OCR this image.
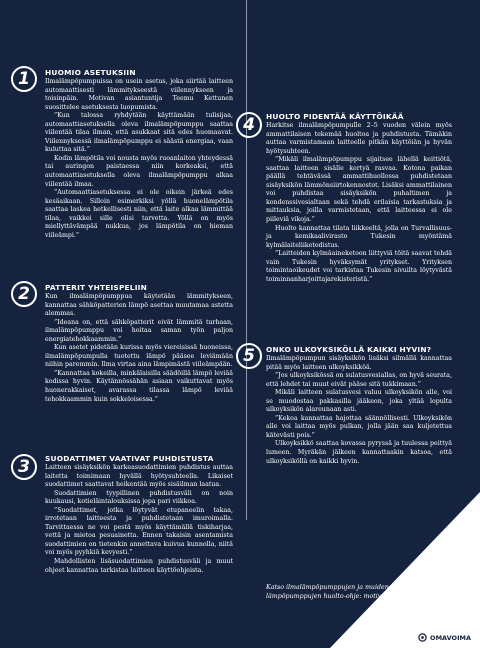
1	HUOMIO ASETUKSIIN

Ilmalämpöpumpuissa on usein asetus, joka siirtää laitteen automaattisesti lämmitykseestä viilennykseen ja toisinpäin. Motivan asiantuntija Teemu Kettunen suosittelee asetuksesta luopumista.

”Kun talossa ryhdytään käyttämään tulisijaa, automaattiasetuksella oleva ilmalämpöpumppu saattaa viilentää tilaa ilman, että asukkaat sitä edes huomaavat. Viilennyksessä ilmalämpöpumppu ei säästä energiaa, vaan kuluttaa sitä.”

Kodin lämpötila voi nousta myös ruoanlaiton yhteydessä tai auringon paistaessa niin korkeaksi, että automaattiasetuksella oleva ilmalämpöpumppu alkaa viilentää ilmaa.

”Automaattiasetuksessa ei ole oikein järkeä edes kesäaikaan. Silloin esimerkiksi yöllä huonelämpötila saattaa laskea hetkellisesti niin, että laite alkaa lämmittää tilaa, vaikkei sille olisi tarvetta. Yöllä on myös miellyttävämpää nukkua, jos lämpötila on hieman viileämpi.”

2	PATTERIT YHTEISPELIIN

Kun ilmalämpöpumppua käytetään lämmitykseen, kannattaa sähköpatterien lämpö asettaa muutamaa astetta alemmas.

”Ideana on, että sähköpatterit eivät lämmitä turhaan, ilmalämpöpumppu voi hoitaa saman työn paljon energiatehokkaammin.”

Kun asetet pidetään kurissa myös viereisissä huoneissa, ilmalämpöpumpulla tuotettu lämpö pääsee leviämään niihin paremmin. Ilma virtaa aina lämpimästä viileämpään.

”Kannattaa kokeilla, minkälaisilla säädöillä lämpö leviää kodissa hyvin. Käytännössähän asiaan vaikuttavat myös huonerakkaiset, avarassa tilassa lämpö leviää tehokkaammin kuin sokkeloisessa.”

3	SUODATTIMET VAATIVAT PUHDISTUSTA

Laitteen sisäyksikön karkeasuodattimien puhdistus auttaa laitetta toimimaan hyvällä hyötysuhteella. Likaiset suodattimet saattavat heikentää myös sisäilman laatua.

Suodattimien tyypillinen puhdistusväli on noin kuukausi, kotieläintalouksissa jopa pari viikkoa.

”Suodattimet, jotka löytyvät etupaneelin takaa, irrotetaan laitteesta ja puhdistetaan imuroimalla. Tarvittaessa ne voi pestä myös käyttämällä tiskiharjaa, vettä ja mietoa pesuainetta. Ennen takaisin asentamista suodattimien on tietenkin annettava kuivua kunnolla, niitä voi myös pyyhkiä kevyesti.”

Mahdollisten lisäsuodattimien puhdistusväli ja muut ohjeet kannattaa tarkistaa laitteen käyttöohjeista.

4	HUOLTO PIDENTÄÄ KÄYTTÖIKÄÄ

Harkitse ilmalämpöpumpulle 2–5 vuoden välein myös ammattilaisen tekemää huoltoa ja puhdistusta. Tämäkin auttaa varmistamaan laitteelle pitkän käyttöiän ja hyvän hyötysuhteen.

”Mikäli ilmalämpöpumppu sijaitsee lähellä keittiötä, saattaa laitteen sisälle kertyä rasvaa. Kotona paikan päällä tehtävässä ammattihuollossa puhdistetaan sisäyksikön lämmönsiirtokennostot. Lisäksi ammattilainen voi puhdistaa sisäyksikön puhaltimen ja kondenssivesialtaan sekä tehdä erilaisia tarkastuksia ja mittauksia, joilla varmistetaan, että laitteessa ei ole piileviä vikoja.”

Huolto kannattaa tilata liikkeeltä, jolla on Turvallisuus- ja kemikaalivirasto Tukesin myöntämä kylmälaiteliiketodistus.

”Laitteiden kylmäaineketoon liittyviä töitä saavat tehdä vain Tukesin hyväksymät yritykset. Yrityksen toimintaoikeudet voi tarkistaa Tukesin sivuilta löytyvästä toiminnanharjoittajarekisteristä.”

5	ONKO ULKOYKSIKÖLLÄ KAIKKI HYVIN?

Ilmalämpöpumpun sisäyksikön lisäksi silmällä kannattaa pitää myös laitteen ulkoyksikköä.

”Jos ulkoyksikössä on sulatusvesiallas, on hyvä seurata, että lehdet tai muut eivät pääse sitä tukkimaan.”

Mikäli laitteen sulatusvesi valuu ulkoyksikön alle, voi se muodostaa pakkasilla jääkeon, joka yltää lopulta ulkoyksikön alareunaan asti.

”Kekoa kannattaa hajottaa säännöllisesti. Ulkoyksikön alle voi laittaa myös pulkan, jolla jään saa kuljetettua kätevästi pois.”

Ulkoyksikkö saattaa kovassa pyryssä ja tuulessa peittyä lumeen. Myräkän jälkeen kannattaakin katsoa, että ulkoyksiköllä on kaikki hyvin.

Katso ilmalämpöpumppujen ja muiden lämpöpumppujen huolto-ohje: motiva.fi.
OMAVOIMA
